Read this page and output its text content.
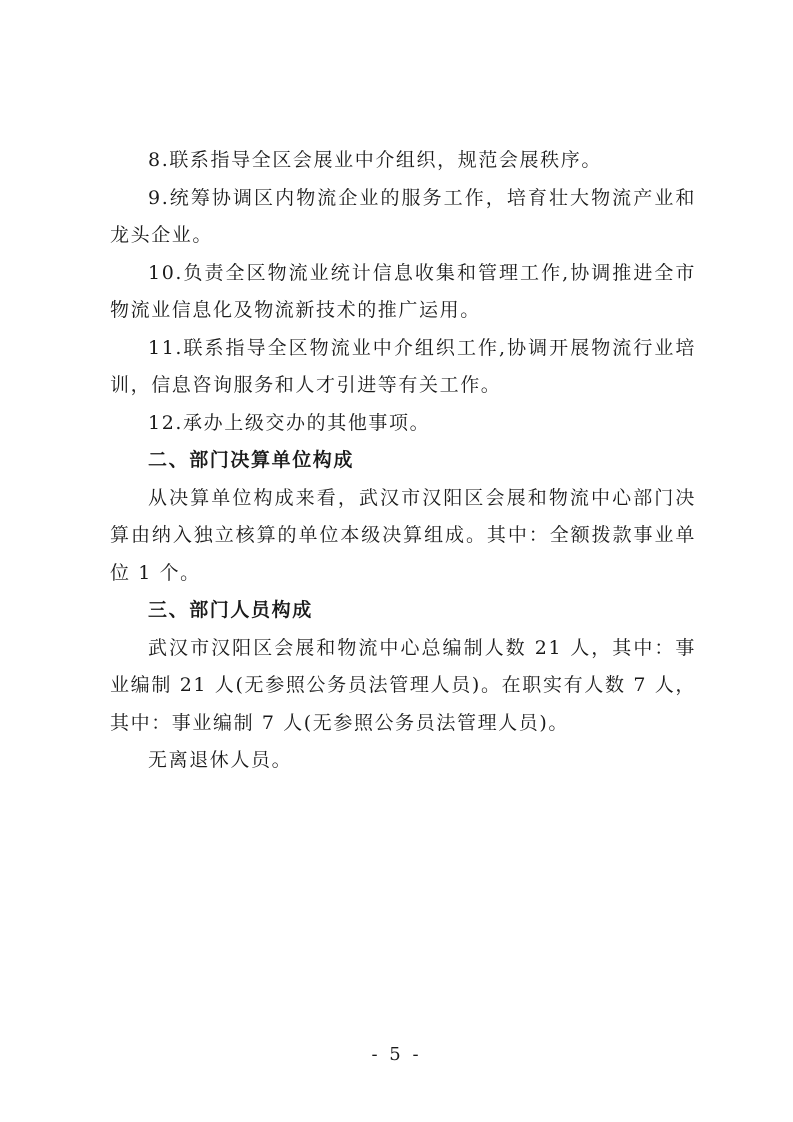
8.联系指导全区会展业中介组织，规范会展秩序。

9.统筹协调区内物流企业的服务工作，培育壮大物流产业和龙头企业。

10.负责全区物流业统计信息收集和管理工作,协调推进全市物流业信息化及物流新技术的推广运用。

11.联系指导全区物流业中介组织工作,协调开展物流行业培训，信息咨询服务和人才引进等有关工作。

12.承办上级交办的其他事项。

二、部门决算单位构成

从决算单位构成来看，武汉市汉阳区会展和物流中心部门决算由纳入独立核算的单位本级决算组成。其中：全额拨款事业单位 1 个。

三、部门人员构成

武汉市汉阳区会展和物流中心总编制人数 21 人，其中：事业编制 21 人(无参照公务员法管理人员)。在职实有人数 7 人，其中：事业编制 7 人(无参照公务员法管理人员)。

无离退休人员。

- 5 -
